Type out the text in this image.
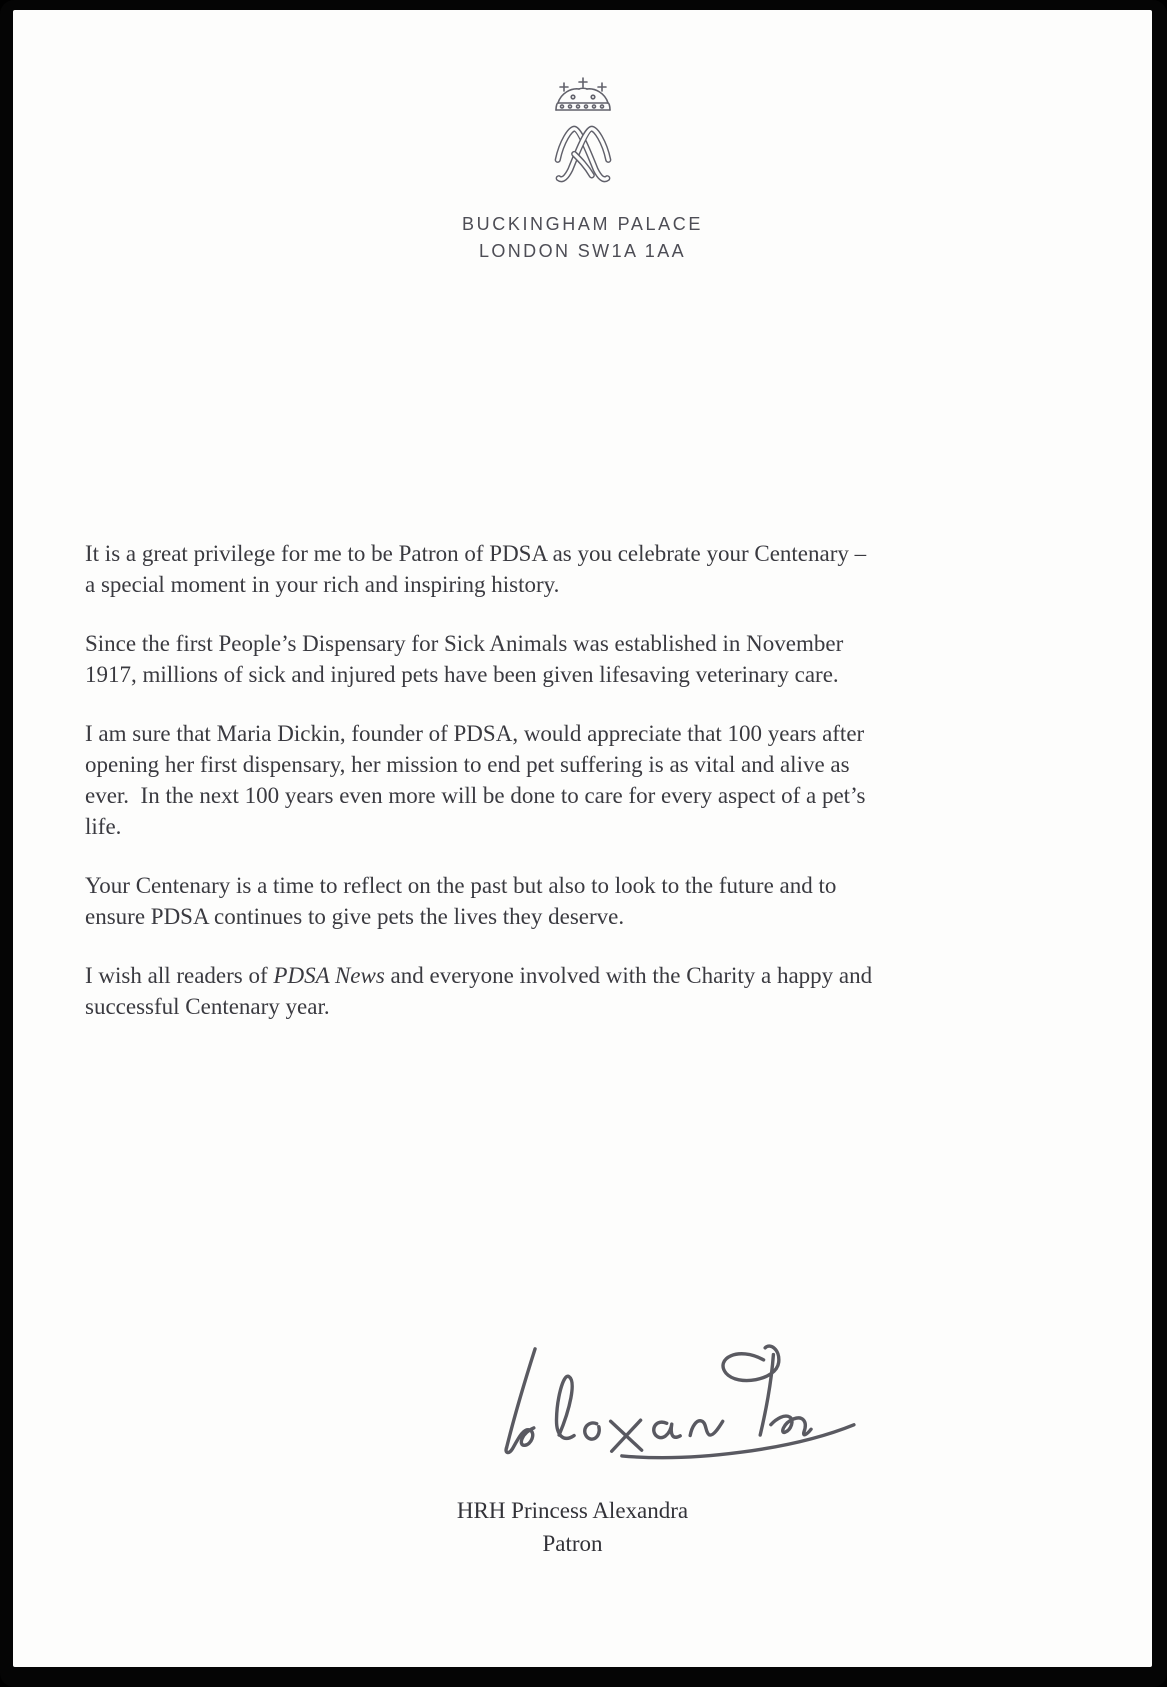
BUCKINGHAM PALACE
LONDON SW1A 1AA
It is a great privilege for me to be Patron of PDSA as you celebrate your Centenary –
a special moment in your rich and inspiring history.
Since the first People’s Dispensary for Sick Animals was established in November
1917, millions of sick and injured pets have been given lifesaving veterinary care.
I am sure that Maria Dickin, founder of PDSA, would appreciate that 100 years after
opening her first dispensary, her mission to end pet suffering is as vital and alive as
ever.  In the next 100 years even more will be done to care for every aspect of a pet’s
life.
Your Centenary is a time to reflect on the past but also to look to the future and to
ensure PDSA continues to give pets the lives they deserve.
I wish all readers of PDSA News and everyone involved with the Charity a happy and
successful Centenary year.
HRH Princess Alexandra
Patron
